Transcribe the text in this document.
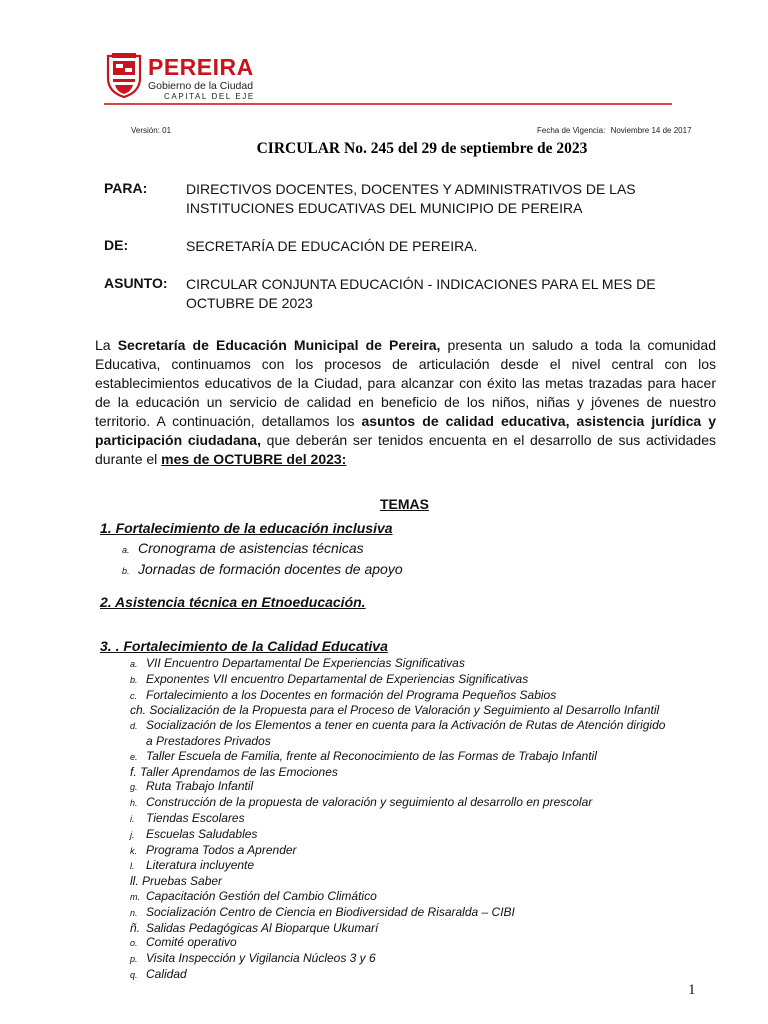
PEREIRA
Gobierno de la Ciudad
CAPITAL DEL EJE
Versión: 01	Fecha de Vigencia: Noviembre 14 de 2017
CIRCULAR No. 245 del 29 de septiembre de 2023
PARA:	DIRECTIVOS DOCENTES, DOCENTES Y ADMINISTRATIVOS DE LAS
INSTITUCIONES EDUCATIVAS DEL MUNICIPIO DE PEREIRA
DE:	SECRETARÍA DE EDUCACIÓN DE PEREIRA.
ASUNTO: CIRCULAR CONJUNTA EDUCACIÓN - INDICACIONES PARA EL MES DE
OCTUBRE DE 2023
La Secretaría de Educación Municipal de Pereira, presenta un saludo a toda la comunidad Educativa, continuamos con los procesos de articulación desde el nivel central con los establecimientos educativos de la Ciudad, para alcanzar con éxito las metas trazadas para hacer de la educación un servicio de calidad en beneficio de los niños, niñas y jóvenes de nuestro territorio. A continuación, detallamos los asuntos de calidad educativa, asistencia jurídica y participación ciudadana, que deberán ser tenidos encuenta en el desarrollo de sus actividades durante el mes de OCTUBRE del 2023:
TEMAS
1. Fortalecimiento de la educación inclusiva
a. Cronograma de asistencias técnicas
b. Jornadas de formación docentes de apoyo
2. Asistencia técnica en Etnoeducación.
3. . Fortalecimiento de la Calidad Educativa
a. VII Encuentro Departamental De Experiencias Significativas
b. Exponentes VII encuentro Departamental de Experiencias Significativas
c. Fortalecimiento a los Docentes en formación del Programa Pequeños Sabios
ch. Socialización de la Propuesta para el Proceso de Valoración y Seguimiento al Desarrollo Infantil
d. Socialización de los Elementos a tener en cuenta para la Activación de Rutas de Atención dirigido
a Prestadores Privados
e. Taller Escuela de Familia, frente al Reconocimiento de las Formas de Trabajo Infantil
f. Taller Aprendamos de las Emociones
g. Ruta Trabajo Infantil
h. Construcción de la propuesta de valoración y seguimiento al desarrollo en prescolar
i. Tiendas Escolares
j. Escuelas Saludables
k. Programa Todos a Aprender
l. Literatura incluyente
ll. Pruebas Saber
m. Capacitación Gestión del Cambio Climático
n. Socialización Centro de Ciencia en Biodiversidad de Risaralda – CIBI
ñ. Salidas Pedagógicas Al Bioparque Ukumarí
o. Comité operativo
p. Visita Inspección y Vigilancia Núcleos 3 y 6
q. Calidad
1
